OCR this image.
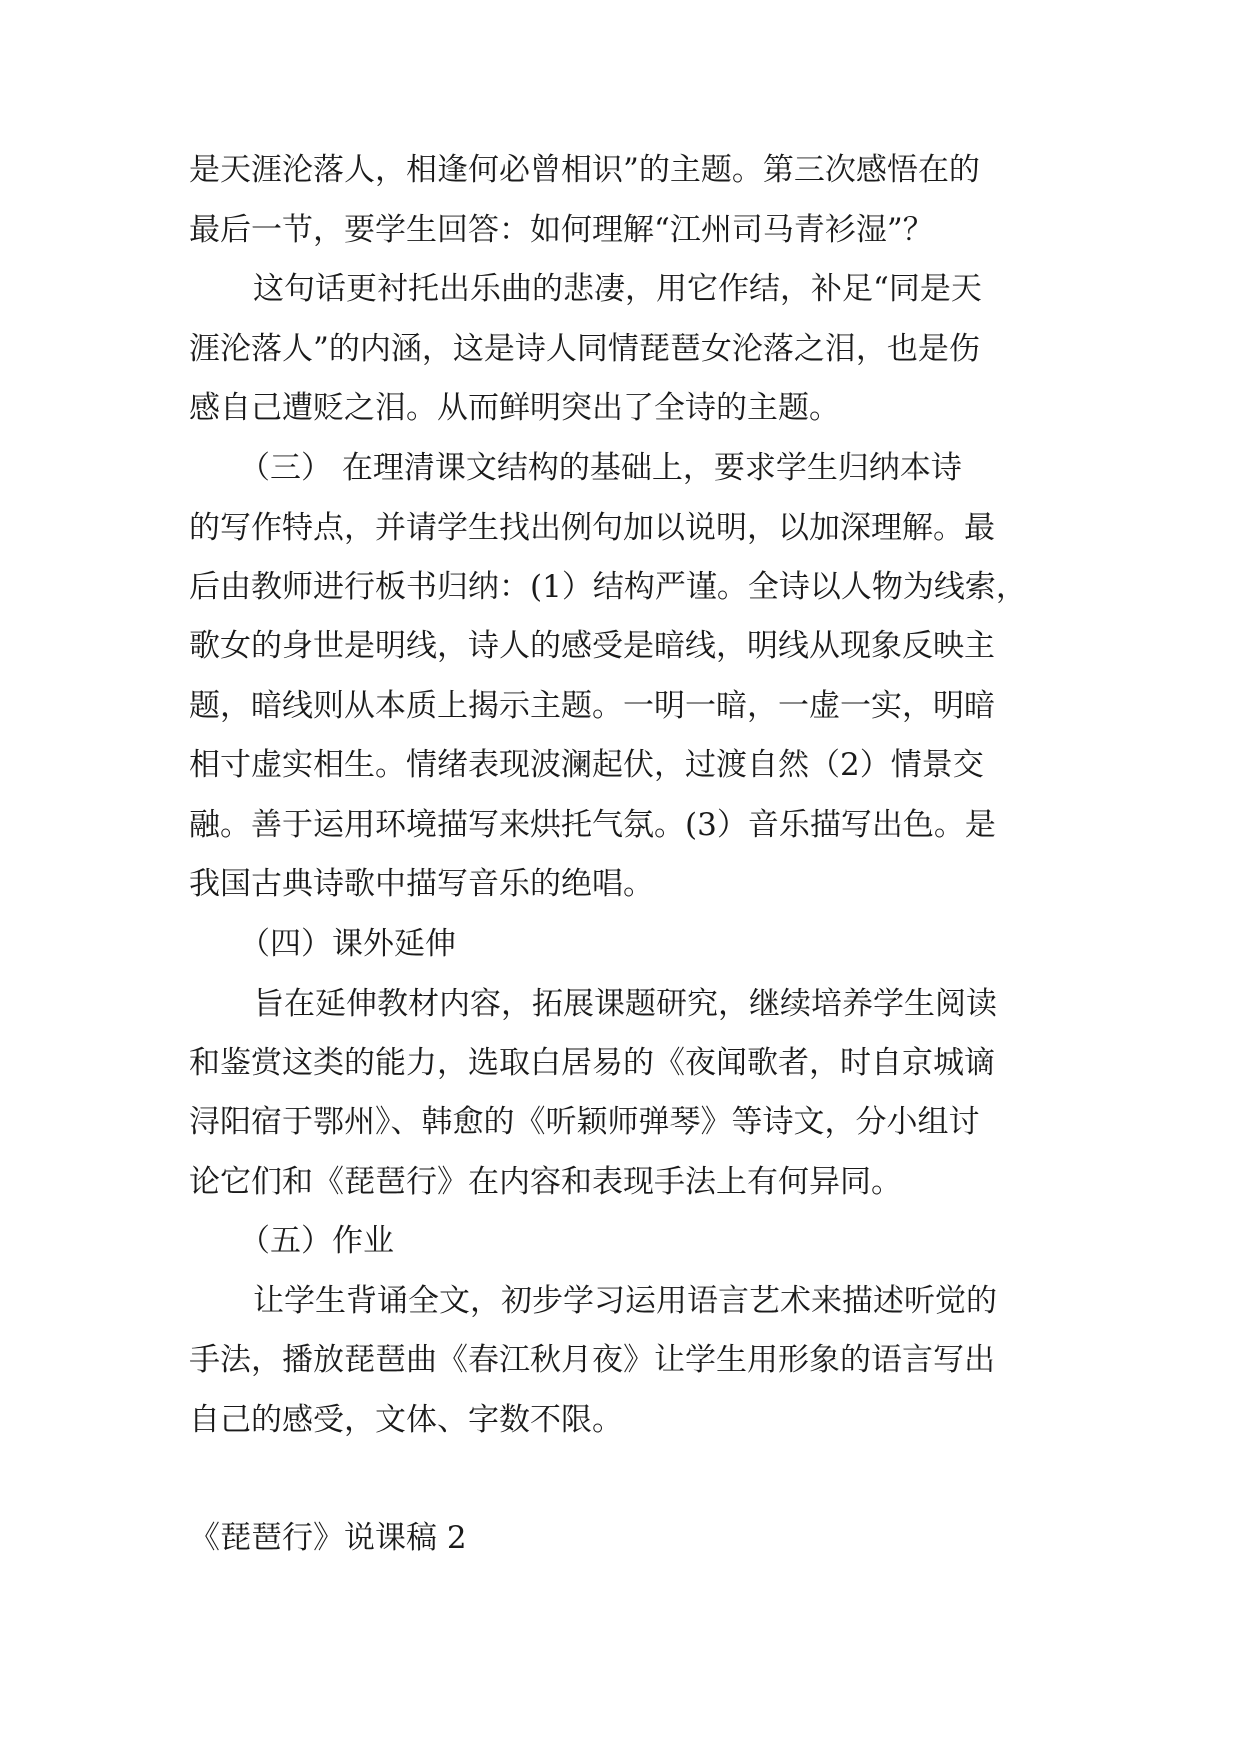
是天涯沦落人，相逢何必曾相识”的主题。第三次感悟在的
最后一节，要学生回答：如何理解“江州司马青衫湿”？
这句话更衬托出乐曲的悲凄，用它作结，补足“同是天
涯沦落人”的内涵，这是诗人同情琵琶女沦落之泪，也是伤
感自己遭贬之泪。从而鲜明突出了全诗的主题。
（三） 在理清课文结构的基础上，要求学生归纳本诗
的写作特点，并请学生找出例句加以说明，以加深理解。最
后由教师进行板书归纳：(1）结构严谨。全诗以人物为线索，
歌女的身世是明线，诗人的感受是暗线，明线从现象反映主
题，暗线则从本质上揭示主题。一明一暗，一虚一实，明暗
相寸虚实相生。情绪表现波澜起伏，过渡自然（2）情景交
融。善于运用环境描写来烘托气氛。(3）音乐描写出色。是
我国古典诗歌中描写音乐的绝唱。
（四）课外延伸
旨在延伸教材内容，拓展课题研究，继续培养学生阅读
和鉴赏这类的能力，选取白居易的《夜闻歌者，时自京城谪
浔阳宿于鄂州》、韩愈的《听颖师弹琴》等诗文，分小组讨
论它们和《琵琶行》在内容和表现手法上有何异同。
（五）作业
让学生背诵全文，初步学习运用语言艺术来描述听觉的
手法，播放琵琶曲《春江秋月夜》让学生用形象的语言写出
自己的感受，文体、字数不限。
《琵琶行》说课稿 2
